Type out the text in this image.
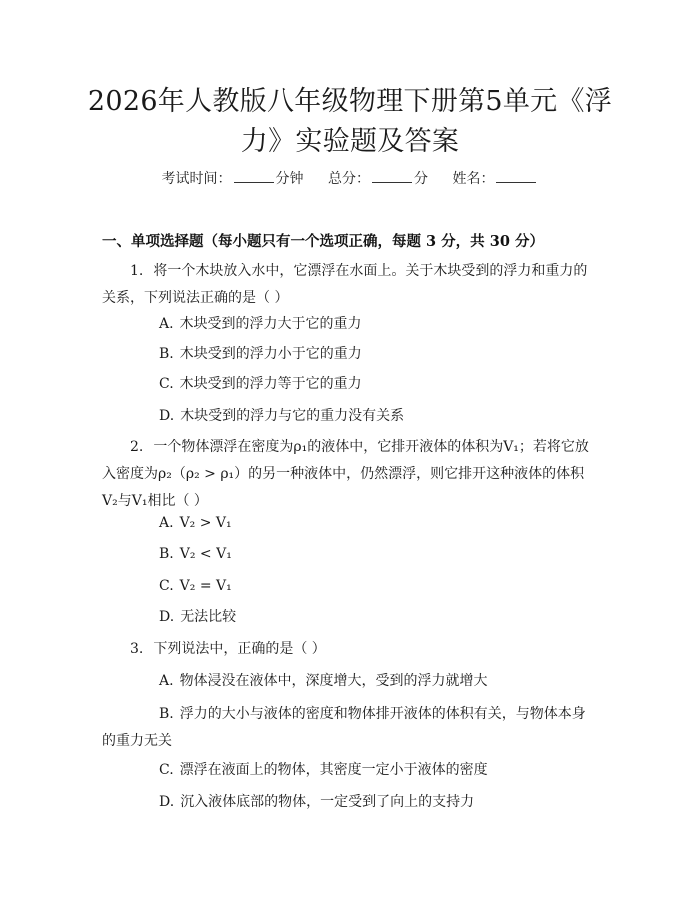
2026年人教版八年级物理下册第5单元《浮力》实验题及答案
考试时间：	分钟 总分：	分 姓名：
一、单项选择题（每小题只有一个选项正确，每题 3 分，共 30 分）
1. 将一个木块放入水中，它漂浮在水面上。关于木块受到的浮力和重力的关系，下列说法正确的是（ ）
A. 木块受到的浮力大于它的重力
B. 木块受到的浮力小于它的重力
C. 木块受到的浮力等于它的重力
D. 木块受到的浮力与它的重力没有关系
2. 一个物体漂浮在密度为ρ₁的液体中，它排开液体的体积为V₁；若将它放入密度为ρ₂（ρ₂ > ρ₁）的另一种液体中，仍然漂浮，则它排开这种液体的体积V₂与V₁相比（ ）
A. V₂ > V₁
B. V₂ < V₁
C. V₂ = V₁
D. 无法比较
3. 下列说法中，正确的是（ ）
A. 物体浸没在液体中，深度增大，受到的浮力就增大
B. 浮力的大小与液体的密度和物体排开液体的体积有关，与物体本身的重力无关
C. 漂浮在液面上的物体，其密度一定小于液体的密度
D. 沉入液体底部的物体，一定受到了向上的支持力
